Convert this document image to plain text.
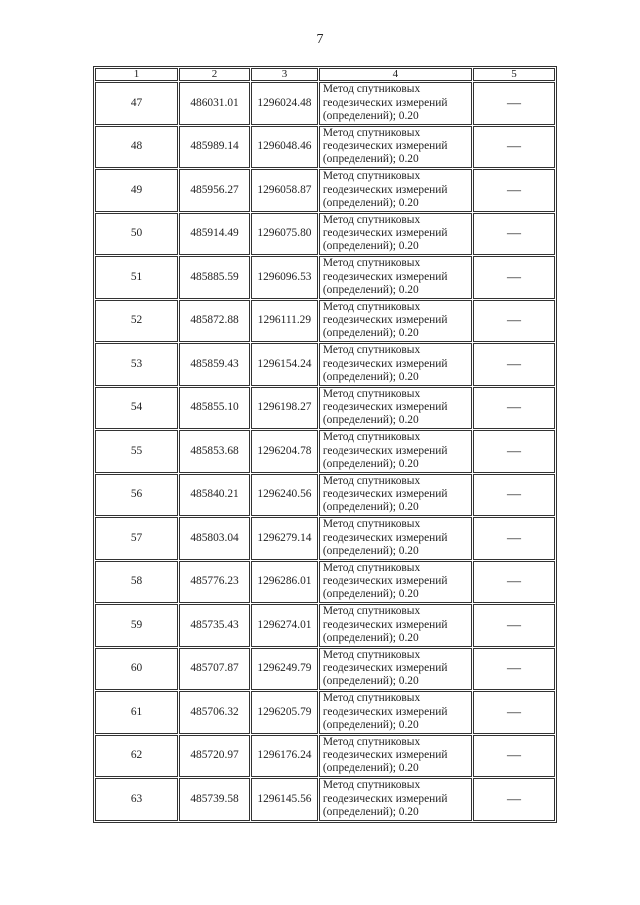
7
1	2	3	4	5
47	486031.01	1296024.48	Метод спутниковых
геодезических измерений
(определений); 0.20	—
48	485989.14	1296048.46	Метод спутниковых
геодезических измерений
(определений); 0.20	—
49	485956.27	1296058.87	Метод спутниковых
геодезических измерений
(определений); 0.20	—
50	485914.49	1296075.80	Метод спутниковых
геодезических измерений
(определений); 0.20	—
51	485885.59	1296096.53	Метод спутниковых
геодезических измерений
(определений); 0.20	—
52	485872.88	1296111.29	Метод спутниковых
геодезических измерений
(определений); 0.20	—
53	485859.43	1296154.24	Метод спутниковых
геодезических измерений
(определений); 0.20	—
54	485855.10	1296198.27	Метод спутниковых
геодезических измерений
(определений); 0.20	—
55	485853.68	1296204.78	Метод спутниковых
геодезических измерений
(определений); 0.20	—
56	485840.21	1296240.56	Метод спутниковых
геодезических измерений
(определений); 0.20	—
57	485803.04	1296279.14	Метод спутниковых
геодезических измерений
(определений); 0.20	—
58	485776.23	1296286.01	Метод спутниковых
геодезических измерений
(определений); 0.20	—
59	485735.43	1296274.01	Метод спутниковых
геодезических измерений
(определений); 0.20	—
60	485707.87	1296249.79	Метод спутниковых
геодезических измерений
(определений); 0.20	—
61	485706.32	1296205.79	Метод спутниковых
геодезических измерений
(определений); 0.20	—
62	485720.97	1296176.24	Метод спутниковых
геодезических измерений
(определений); 0.20	—
63	485739.58	1296145.56	Метод спутниковых
геодезических измерений
(определений); 0.20	—
